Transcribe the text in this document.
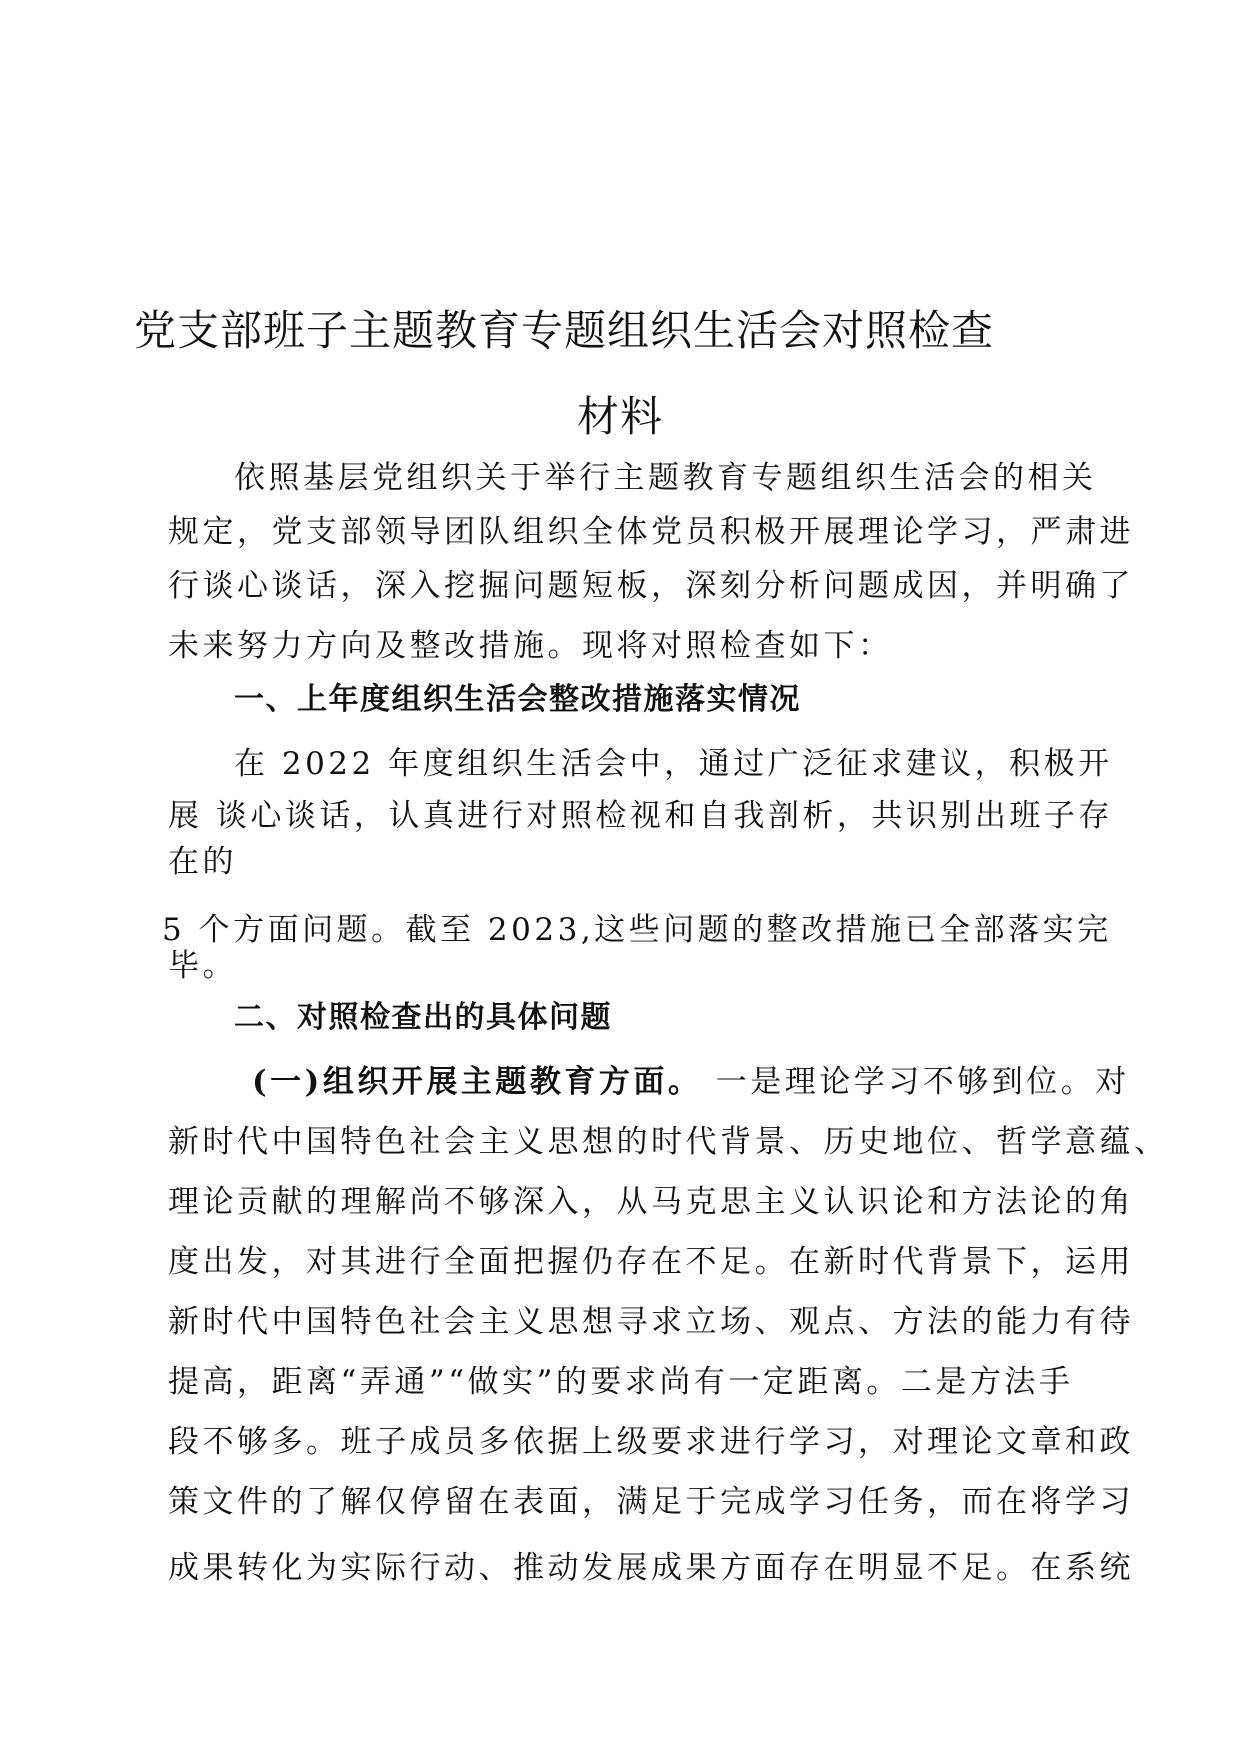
党支部班子主题教育专题组织生活会对照检查
材料
依照基层党组织关于举行主题教育专题组织生活会的相关
规定，党支部领导团队组织全体党员积极开展理论学习，严肃进
行谈心谈话，深入挖掘问题短板，深刻分析问题成因，并明确了
未来努力方向及整改措施。现将对照检查如下：
一、上年度组织生活会整改措施落实情况
在 2022 年度组织生活会中，通过广泛征求建议，积极开
展 谈心谈话，认真进行对照检视和自我剖析，共识别出班子存
在的
5 个方面问题。截至 2023,这些问题的整改措施已全部落实完
毕。
二、对照检查出的具体问题
(一)组织开展主题教育方面。 一是理论学习不够到位。对
新时代中国特色社会主义思想的时代背景、历史地位、哲学意蕴、
理论贡献的理解尚不够深入，从马克思主义认识论和方法论的角
度出发，对其进行全面把握仍存在不足。在新时代背景下，运用
新时代中国特色社会主义思想寻求立场、观点、方法的能力有待
提高，距离“弄通”“做实”的要求尚有一定距离。二是方法手
段不够多。班子成员多依据上级要求进行学习，对理论文章和政
策文件的了解仅停留在表面，满足于完成学习任务，而在将学习
成果转化为实际行动、推动发展成果方面存在明显不足。在系统
